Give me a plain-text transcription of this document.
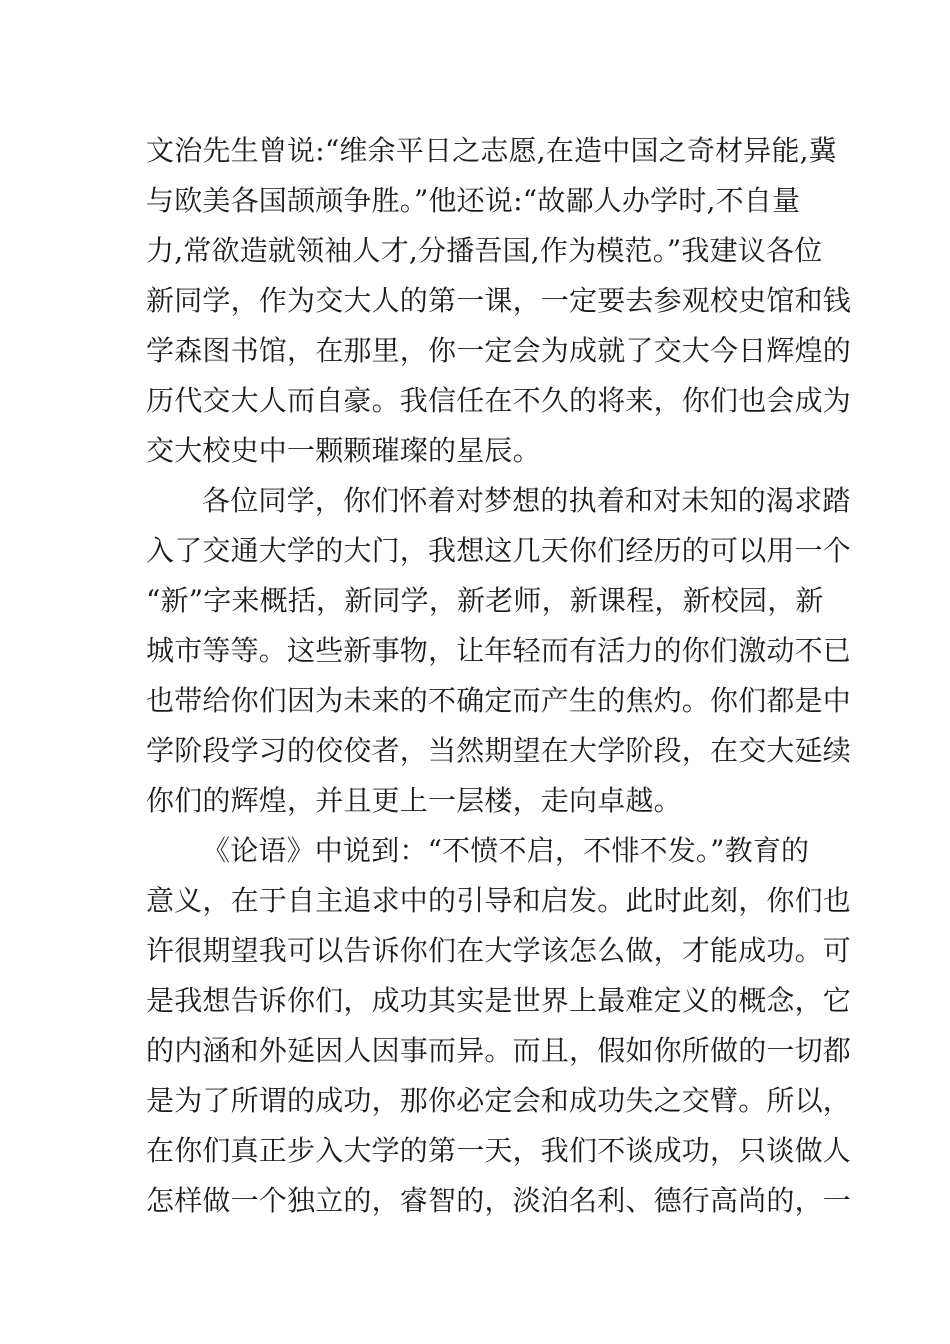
文治先生曾说:“维余平日之志愿,在造中国之奇材异能,冀
与欧美各国颉颃争胜。”他还说:“故鄙人办学时,不自量
力,常欲造就领袖人才,分播吾国,作为模范。”我建议各位
新同学，作为交大人的第一课，一定要去参观校史馆和钱
学森图书馆，在那里，你一定会为成就了交大今日辉煌的
历代交大人而自豪。我信任在不久的将来，你们也会成为
交大校史中一颗颗璀璨的星辰。
各位同学，你们怀着对梦想的执着和对未知的渴求踏
入了交通大学的大门，我想这几天你们经历的可以用一个
“新”字来概括，新同学，新老师，新课程，新校园，新
城市等等。这些新事物，让年轻而有活力的你们激动不已
也带给你们因为未来的不确定而产生的焦灼。你们都是中
学阶段学习的佼佼者，当然期望在大学阶段，在交大延续
你们的辉煌，并且更上一层楼，走向卓越。
《论语》中说到：“不愤不启，不悱不发。”教育的
意义，在于自主追求中的引导和启发。此时此刻，你们也
许很期望我可以告诉你们在大学该怎么做，才能成功。可
是我想告诉你们，成功其实是世界上最难定义的概念，它
的内涵和外延因人因事而异。而且，假如你所做的一切都
是为了所谓的成功，那你必定会和成功失之交臂。所以，
在你们真正步入大学的第一天，我们不谈成功，只谈做人
怎样做一个独立的，睿智的，淡泊名利、德行高尚的，一
